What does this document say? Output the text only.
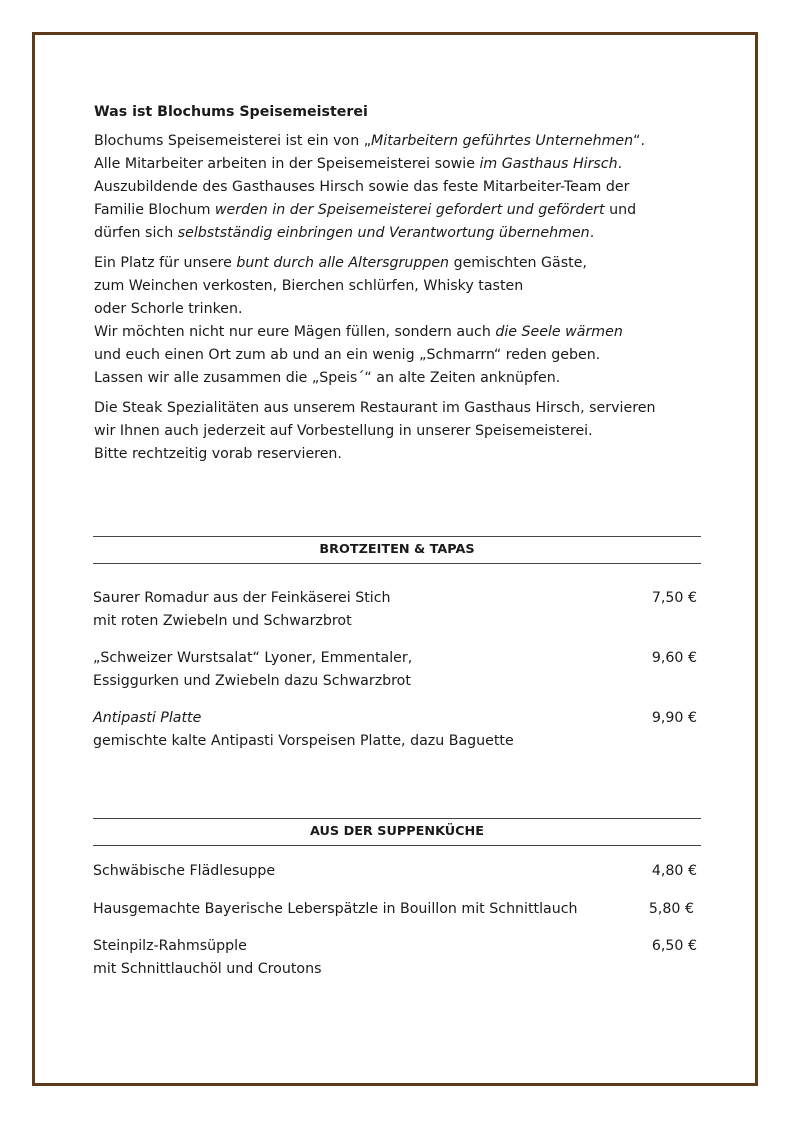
Was ist Blochums Speisemeisterei

Blochums Speisemeisterei ist ein von „Mitarbeitern geführtes Unternehmen“.
Alle Mitarbeiter arbeiten in der Speisemeisterei sowie im Gasthaus Hirsch.
Auszubildende des Gasthauses Hirsch sowie das feste Mitarbeiter-Team der
Familie Blochum werden in der Speisemeisterei gefordert und gefördert und
dürfen sich selbstständig einbringen und Verantwortung übernehmen.

Ein Platz für unsere bunt durch alle Altersgruppen gemischten Gäste,
zum Weinchen verkosten, Bierchen schlürfen, Whisky tasten
oder Schorle trinken.
Wir möchten nicht nur eure Mägen füllen, sondern auch die Seele wärmen
und euch einen Ort zum ab und an ein wenig „Schmarrn“ reden geben.
Lassen wir alle zusammen die „Speis´“ an alte Zeiten anknüpfen.

Die Steak Spezialitäten aus unserem Restaurant im Gasthaus Hirsch, servieren
wir Ihnen auch jederzeit auf Vorbestellung in unserer Speisemeisterei.
Bitte rechtzeitig vorab reservieren.

BROTZEITEN & TAPAS
Saurer Romadur aus der Feinkäserei Stich
mit roten Zwiebeln und Schwarzbrot
7,50 €
„Schweizer Wurstsalat“ Lyoner, Emmentaler,
Essiggurken und Zwiebeln dazu Schwarzbrot
9,60 €
Antipasti Platte
gemischte kalte Antipasti Vorspeisen Platte, dazu Baguette
9,90 €
AUS DER SUPPENKÜCHE
Schwäbische Flädlesuppe	4,80 €
Hausgemachte Bayerische Leberspätzle in Bouillon mit Schnittlauch	5,80 €
Steinpilz-Rahmsüpple
mit Schnittlauchöl und Croutons
6,50 €
